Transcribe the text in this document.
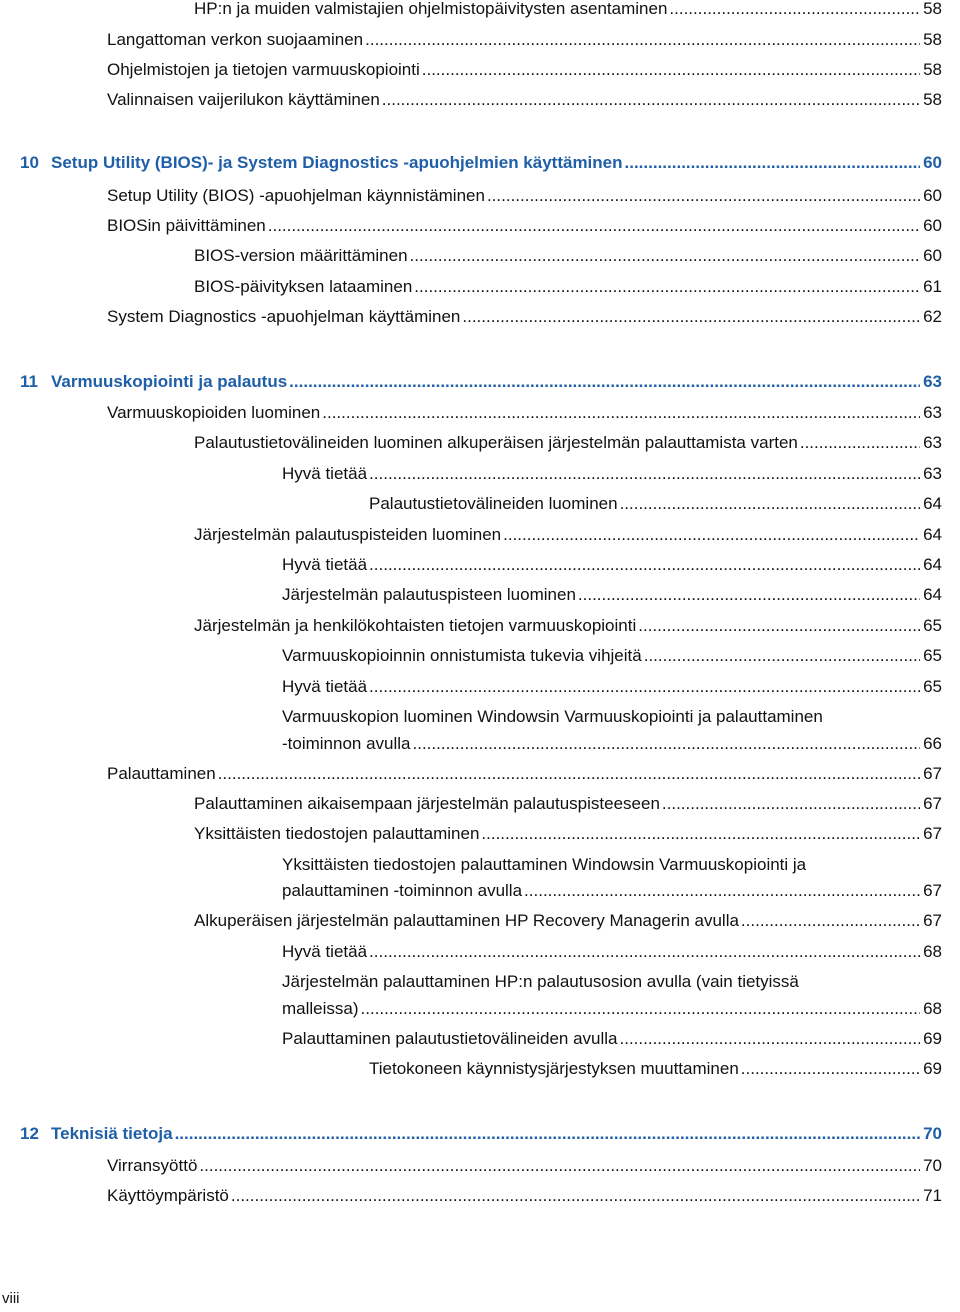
HP:n ja muiden valmistajien ohjelmistopäivitysten asentaminen .....	58
Langattoman verkon suojaaminen .....	58
Ohjelmistojen ja tietojen varmuuskopiointi .....	58
Valinnaisen vaijerilukon käyttäminen .....	58
10 Setup Utility (BIOS)- ja System Diagnostics -apuohjelmien käyttäminen .....	60
Setup Utility (BIOS) -apuohjelman käynnistäminen .....	60
BIOSin päivittäminen .....	60
BIOS-version määrittäminen .....	60
BIOS-päivityksen lataaminen .....	61
System Diagnostics -apuohjelman käyttäminen .....	62
11 Varmuuskopiointi ja palautus .....	63
Varmuuskopioiden luominen .....	63
Palautustietovälineiden luominen alkuperäisen järjestelmän palauttamista varten .....	63
Hyvä tietää .....	63
Palautustietovälineiden luominen .....	64
Järjestelmän palautuspisteiden luominen .....	64
Hyvä tietää .....	64
Järjestelmän palautuspisteen luominen .....	64
Järjestelmän ja henkilökohtaisten tietojen varmuuskopiointi .....	65
Varmuuskopioinnin onnistumista tukevia vihjeitä .....	65
Hyvä tietää .....	65
Varmuuskopion luominen Windowsin Varmuuskopiointi ja palauttaminen
-toiminnon avulla .....	66
Palauttaminen .....	67
Palauttaminen aikaisempaan järjestelmän palautuspisteeseen .....	67
Yksittäisten tiedostojen palauttaminen .....	67
Yksittäisten tiedostojen palauttaminen Windowsin Varmuuskopiointi ja
palauttaminen -toiminnon avulla .....	67
Alkuperäisen järjestelmän palauttaminen HP Recovery Managerin avulla .....	67
Hyvä tietää .....	68
Järjestelmän palauttaminen HP:n palautusosion avulla (vain tietyissä
malleissa) .....	68
Palauttaminen palautustietovälineiden avulla .....	69
Tietokoneen käynnistysjärjestyksen muuttaminen .....	69
12 Teknisiä tietoja .....	70
Virransyöttö .....	70
Käyttöympäristö .....	71
viii
